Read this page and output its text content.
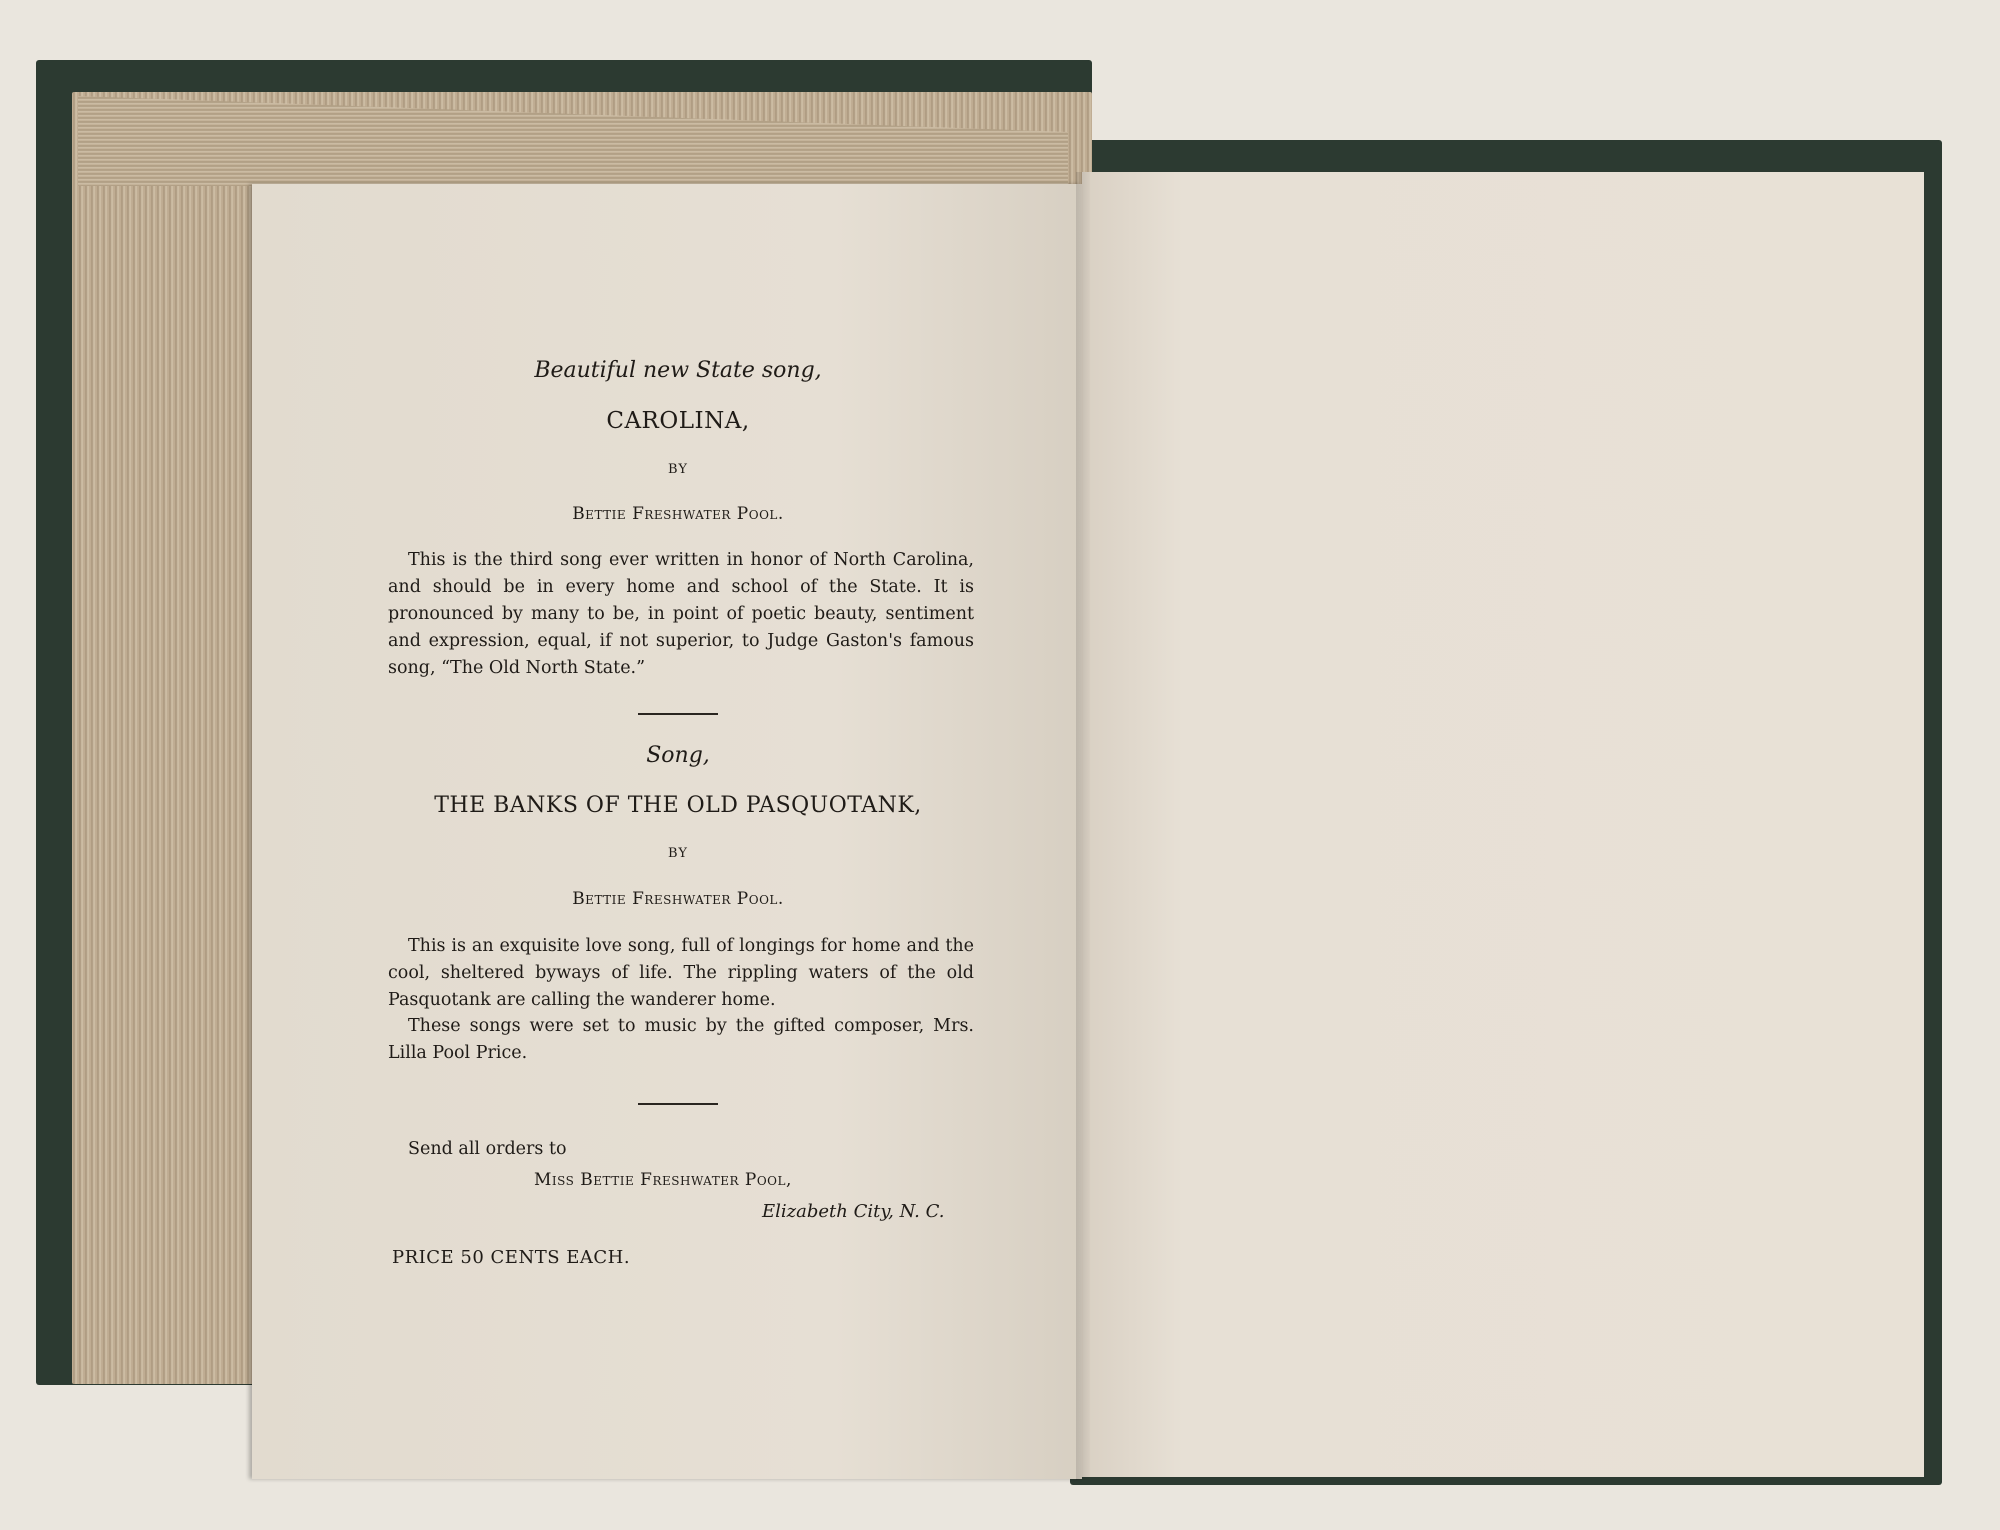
Beautiful new State song,
CAROLINA,
BY
Bettie Freshwater Pool.
This is the third song ever written in honor of North Carolina, and should be in every home and school of the State. It is pronounced by many to be, in point of poetic beauty, sentiment and expression, equal, if not superior, to Judge Gaston's famous song, “The Old North State.”
Song,
THE BANKS OF THE OLD PASQUOTANK,
BY
Bettie Freshwater Pool.
This is an exquisite love song, full of longings for home and the cool, sheltered byways of life. The rippling waters of the old Pasquotank are calling the wanderer home.
These songs were set to music by the gifted composer, Mrs. Lilla Pool Price.
Send all orders to
Miss Bettie Freshwater Pool,
Elizabeth City, N. C.
PRICE 50 CENTS EACH.
